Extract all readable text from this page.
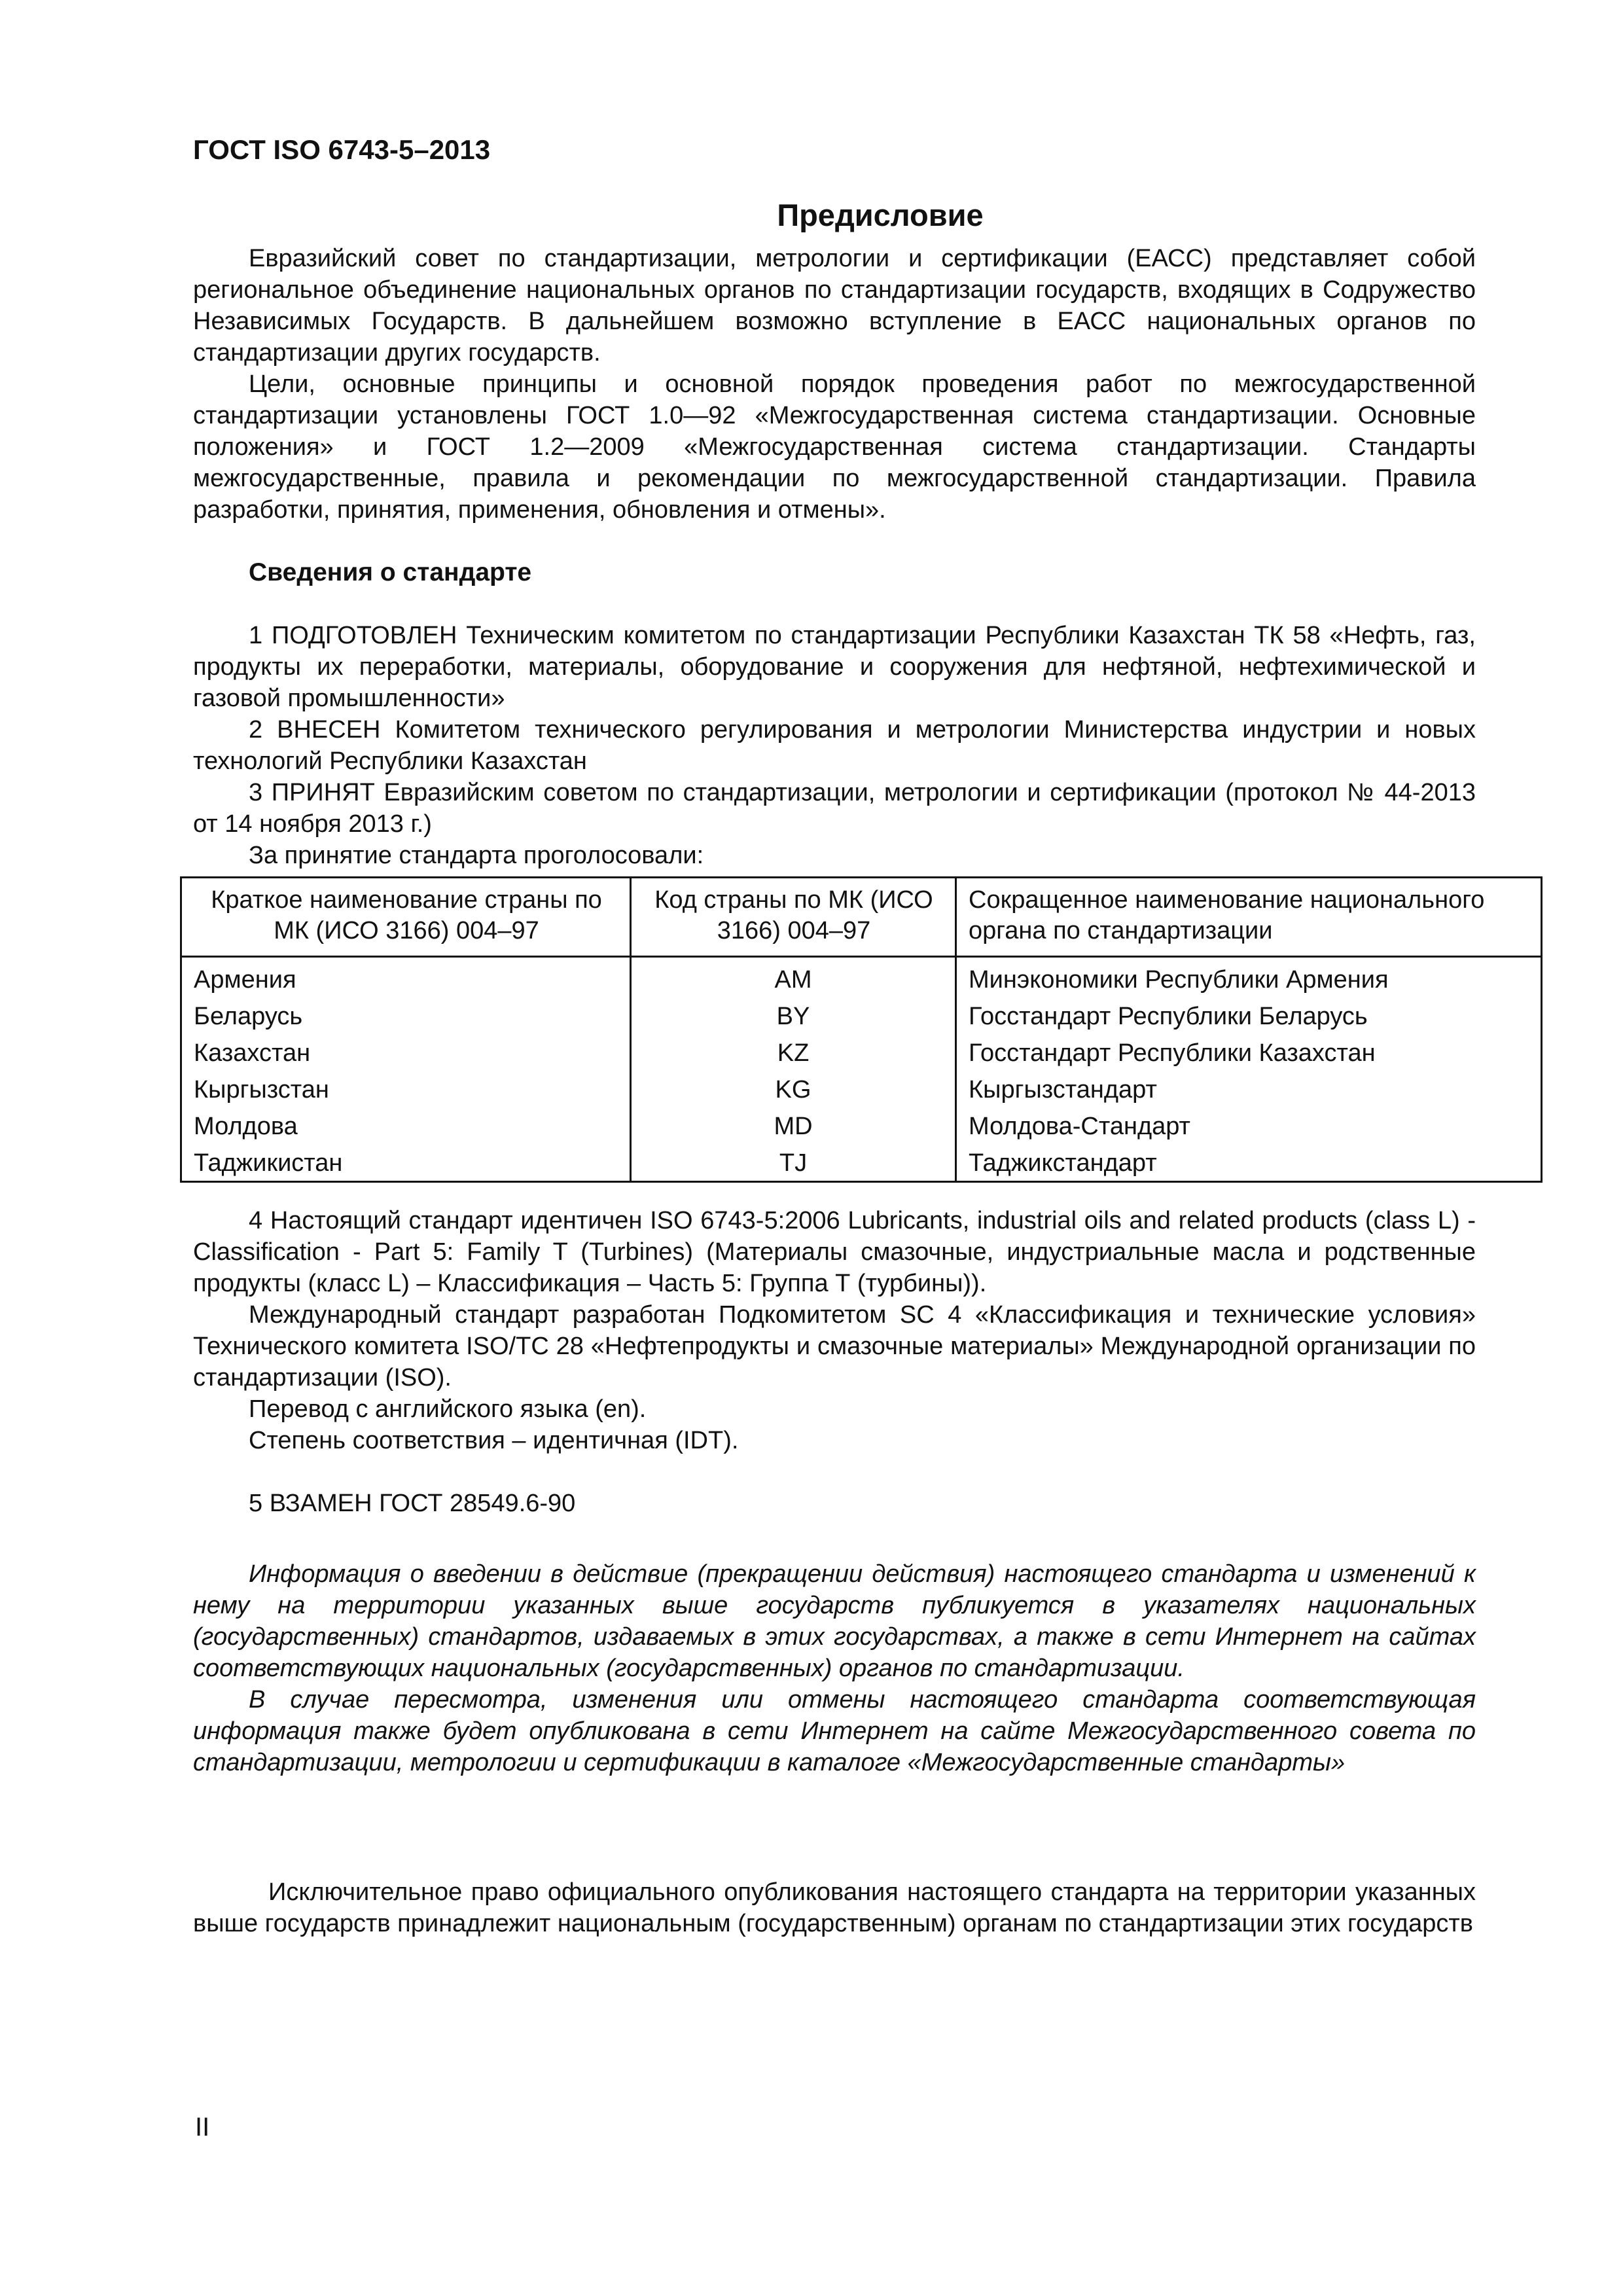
ГОСТ ISO 6743-5–2013

Предисловие

Евразийский совет по стандартизации, метрологии и сертификации (ЕАСС) представляет собой региональное объединение национальных органов по стандартизации государств, входящих в Содружество Независимых Государств. В дальнейшем возможно вступление в ЕАСС национальных органов по стандартизации других государств.

Цели, основные принципы и основной порядок проведения работ по межгосударственной стандартизации установлены ГОСТ 1.0—92 «Межгосударственная система стандартизации. Основные положения» и ГОСТ 1.2—2009 «Межгосударственная система стандартизации. Стандарты межгосударственные, правила и рекомендации по межгосударственной стандартизации. Правила разработки, принятия, применения, обновления и отмены».

Сведения о стандарте

1 ПОДГОТОВЛЕН Техническим комитетом по стандартизации Республики Казахстан ТК 58 «Нефть, газ, продукты их переработки, материалы, оборудование и сооружения для нефтяной, нефтехимической и газовой промышленности»

2 ВНЕСЕН Комитетом технического регулирования и метрологии Министерства индустрии и новых технологий Республики Казахстан

3 ПРИНЯТ Евразийским советом по стандартизации, метрологии и сертификации (протокол № 44-2013 от 14 ноября 2013 г.)

За принятие стандарта проголосовали:

Краткое наименование страны по МК (ИСО 3166) 004–97	Код страны по МК (ИСО 3166) 004–97	Сокращенное наименование национального органа по стандартизации
Армения	AM	Минэкономики Республики Армения
Беларусь	BY	Госстандарт Республики Беларусь
Казахстан	KZ	Госстандарт Республики Казахстан
Кыргызстан	KG	Кыргызстандарт
Молдова	MD	Молдова-Стандарт
Таджикистан	TJ	Таджикстандарт

4 Настоящий стандарт идентичен ISO 6743-5:2006 Lubricants, industrial oils and related products (class L) - Classification - Part 5: Family T (Turbines) (Материалы смазочные, индустриальные масла и родственные продукты (класс L) – Классификация – Часть 5: Группа Т (турбины)).

Международный стандарт разработан Подкомитетом SC 4 «Классификация и технические условия» Технического комитета ISO/TC 28 «Нефтепродукты и смазочные материалы» Международной организации по стандартизации (ISO).

Перевод с английского языка (en).

Степень соответствия – идентичная (IDT).

5 ВЗАМЕН ГОСТ 28549.6-90

Информация о введении в действие (прекращении действия) настоящего стандарта и изменений к нему на территории указанных выше государств публикуется в указателях национальных (государственных) стандартов, издаваемых в этих государствах, а также в сети Интернет на сайтах соответствующих национальных (государственных) органов по стандартизации.

В случае пересмотра, изменения или отмены настоящего стандарта соответствующая информация также будет опубликована в сети Интернет на сайте Межгосударственного совета по стандартизации, метрологии и сертификации в каталоге «Межгосударственные стандарты»

Исключительное право официального опубликования настоящего стандарта на территории указанных выше государств принадлежит национальным (государственным) органам по стандартизации этих государств

II
